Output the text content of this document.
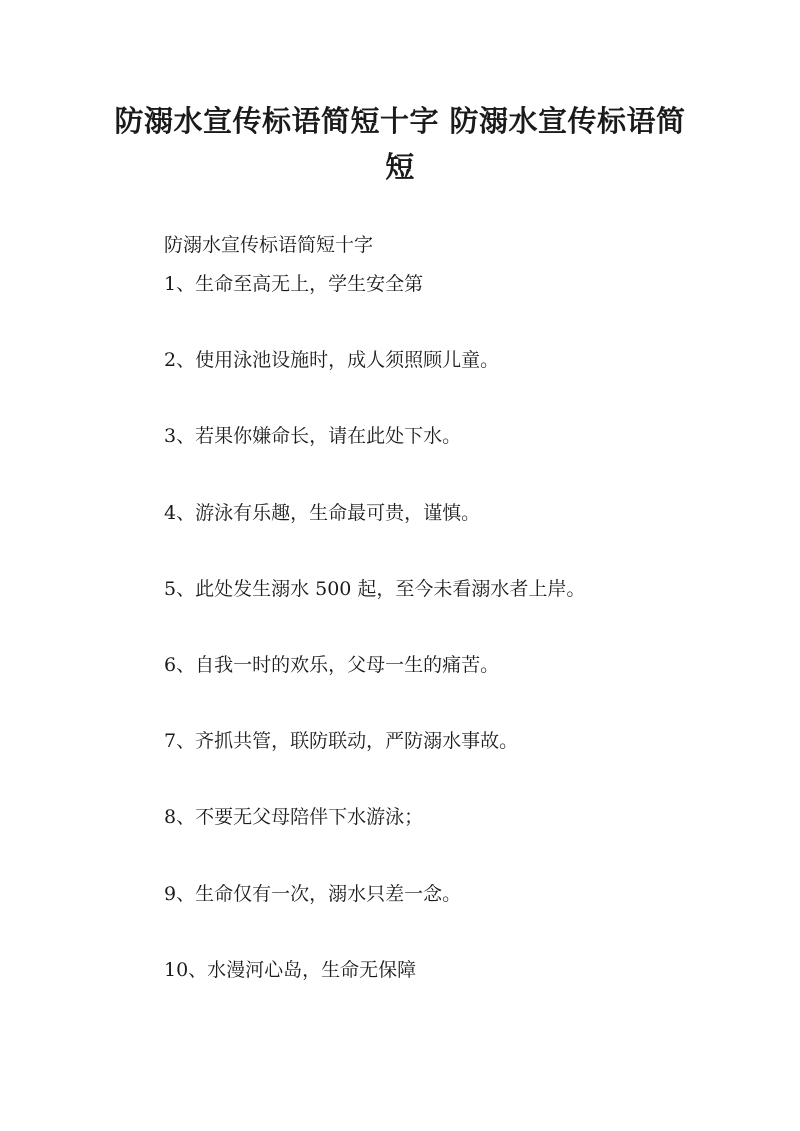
防溺水宣传标语简短十字 防溺水宣传标语简短

防溺水宣传标语简短十字

1、生命至高无上，学生安全第
2、使用泳池设施时，成人须照顾儿童。
3、若果你嫌命长，请在此处下水。
4、游泳有乐趣，生命最可贵，谨慎。
5、此处发生溺水 500 起，至今未看溺水者上岸。
6、自我一时的欢乐，父母一生的痛苦。
7、齐抓共管，联防联动，严防溺水事故。
8、不要无父母陪伴下水游泳；
9、生命仅有一次，溺水只差一念。
10、水漫河心岛，生命无保障
